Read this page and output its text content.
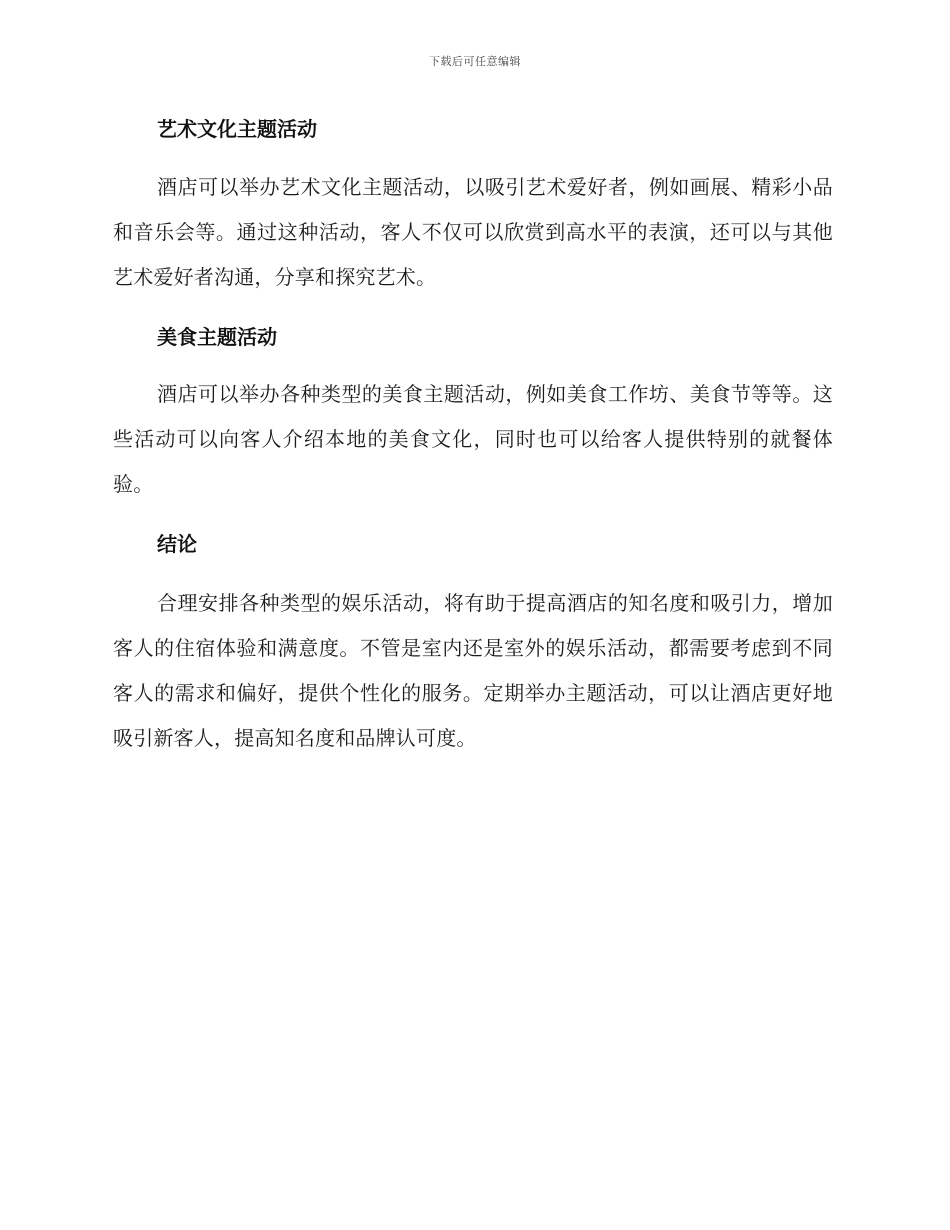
下载后可任意编辑
艺术文化主题活动

酒店可以举办艺术文化主题活动，以吸引艺术爱好者，例如画展、精彩小品和音乐会等。通过这种活动，客人不仅可以欣赏到高水平的表演，还可以与其他艺术爱好者沟通，分享和探究艺术。

美食主题活动

酒店可以举办各种类型的美食主题活动，例如美食工作坊、美食节等等。这些活动可以向客人介绍本地的美食文化，同时也可以给客人提供特别的就餐体验。

结论

合理安排各种类型的娱乐活动，将有助于提高酒店的知名度和吸引力，增加客人的住宿体验和满意度。不管是室内还是室外的娱乐活动，都需要考虑到不同客人的需求和偏好，提供个性化的服务。定期举办主题活动，可以让酒店更好地吸引新客人，提高知名度和品牌认可度。
